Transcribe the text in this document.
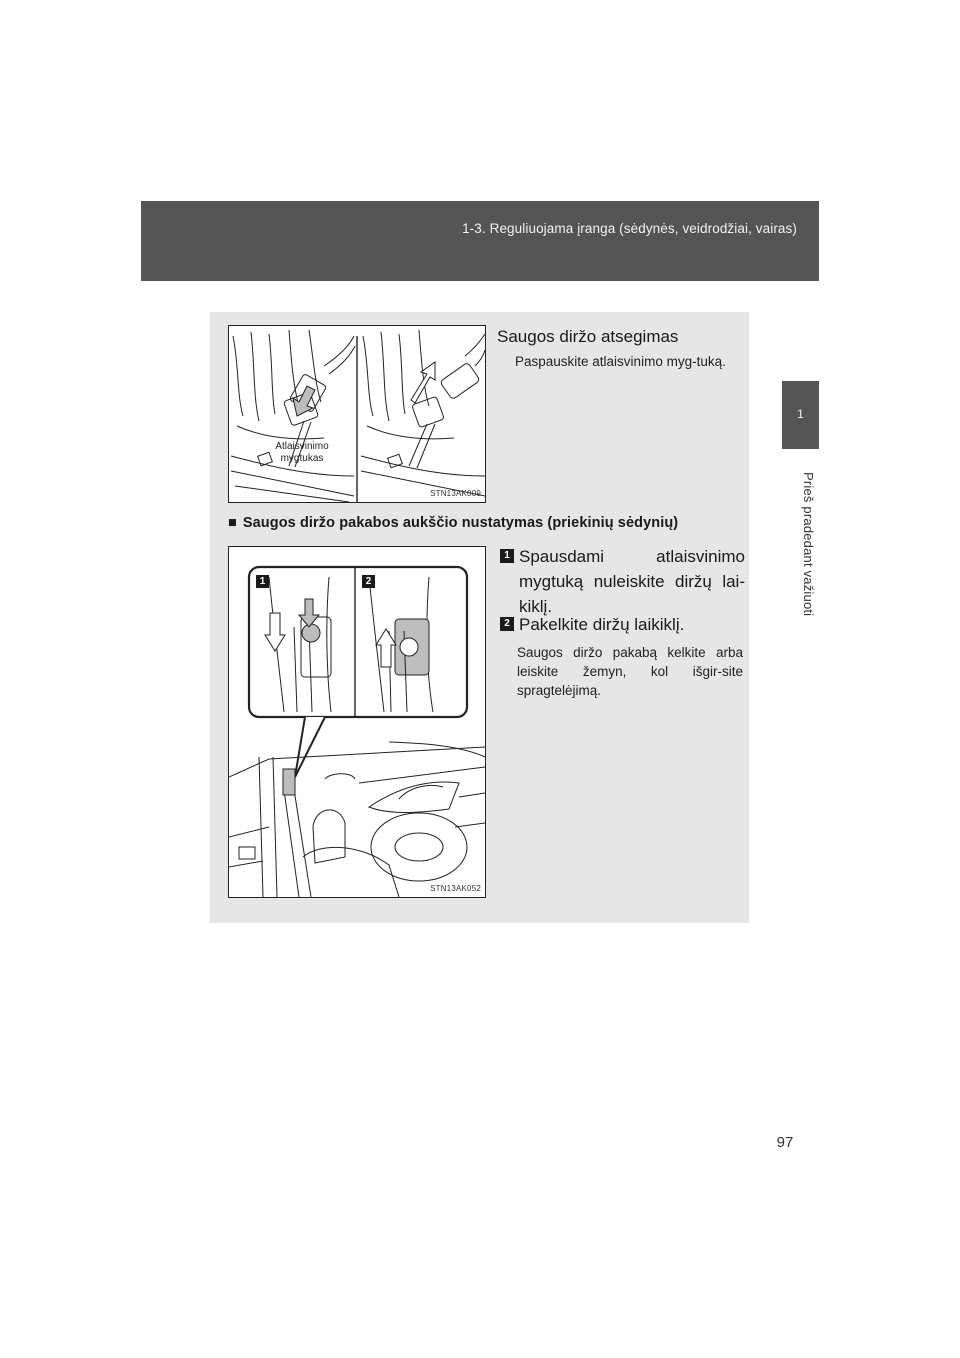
1-3. Reguliuojama įranga (sėdynės, veidrodžiai, vairas)
1
Prieš pradedant važiuoti
Atlaisvinimo mygtukas
STN13AK009
Saugos diržo atsegimas
Paspauskite atlaisvinimo myg-tuką.
■ Saugos diržo pakabos aukščio nustatymas (priekinių sėdynių)
1	2
STN13AK052
1 Spausdami atlaisvinimo mygtuką nuleiskite diržų lai-kiklį.
2 Pakelkite diržų laikiklį.
Saugos diržo pakabą kelkite arba leiskite žemyn, kol išgir-site spragtelėjimą.
97
